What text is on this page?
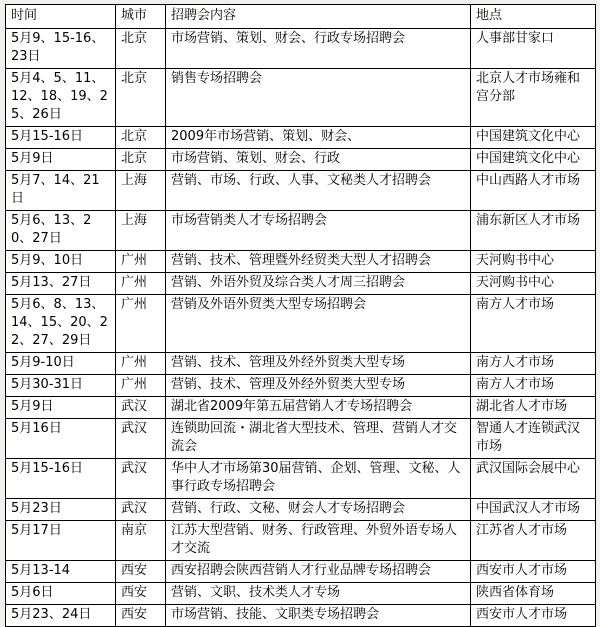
时间	城市	招聘会内容	地点
5月9、15-16、23日	北京	市场营销、策划、财会、行政专场招聘会	人事部甘家口
5月4、5、11、12、18、19、25、26日	北京	销售专场招聘会	北京人才市场雍和宫分部
5月15-16日	北京	2009年市场营销、策划、财会、	中国建筑文化中心
5月9日	北京	市场营销、策划、财会、行政	中国建筑文化中心
5月7、14、21日	上海	营销、市场、行政、人事、文秘类人才招聘会	中山西路人才市场
5月6、13、20、27日	上海	市场营销类人才专场招聘会	浦东新区人才市场
5月9、10日	广州	营销、技术、管理暨外经贸类大型人才招聘会	天河购书中心
5月13、27日	广州	营销、外语外贸及综合类人才周三招聘会	天河购书中心
5月6、8、13、14、15、20、22、27、29日	广州	营销及外语外贸类大型专场招聘会	南方人才市场
5月9-10日	广州	营销、技术、管理及外经外贸类大型专场	南方人才市场
5月30-31日	广州	营销、技术、管理及外经外贸类大型专场	南方人才市场
5月9日	武汉	湖北省2009年第五届营销人才专场招聘会	湖北省人才市场
5月16日	武汉	连锁助回流・湖北省大型技术、管理、营销人才交流会	智通人才连锁武汉市场
5月15-16日	武汉	华中人才市场第30届营销、企划、管理、文秘、人事行政专场招聘会	武汉国际会展中心
5月23日	武汉	营销、行政、文秘、财会人才专场招聘会	中国武汉人才市场
5月17日	南京	江苏大型营销、财务、行政管理、外贸外语专场人才交流	江苏省人才市场
5月13-14	西安	西安招聘会陕西营销人才行业品牌专场招聘会	西安市人才市场
5月6日	西安	营销、文职、技术类人才专场	陕西省体育场
5月23、24日	西安	市场营销、技能、文职类专场招聘会	西安市人才市场
